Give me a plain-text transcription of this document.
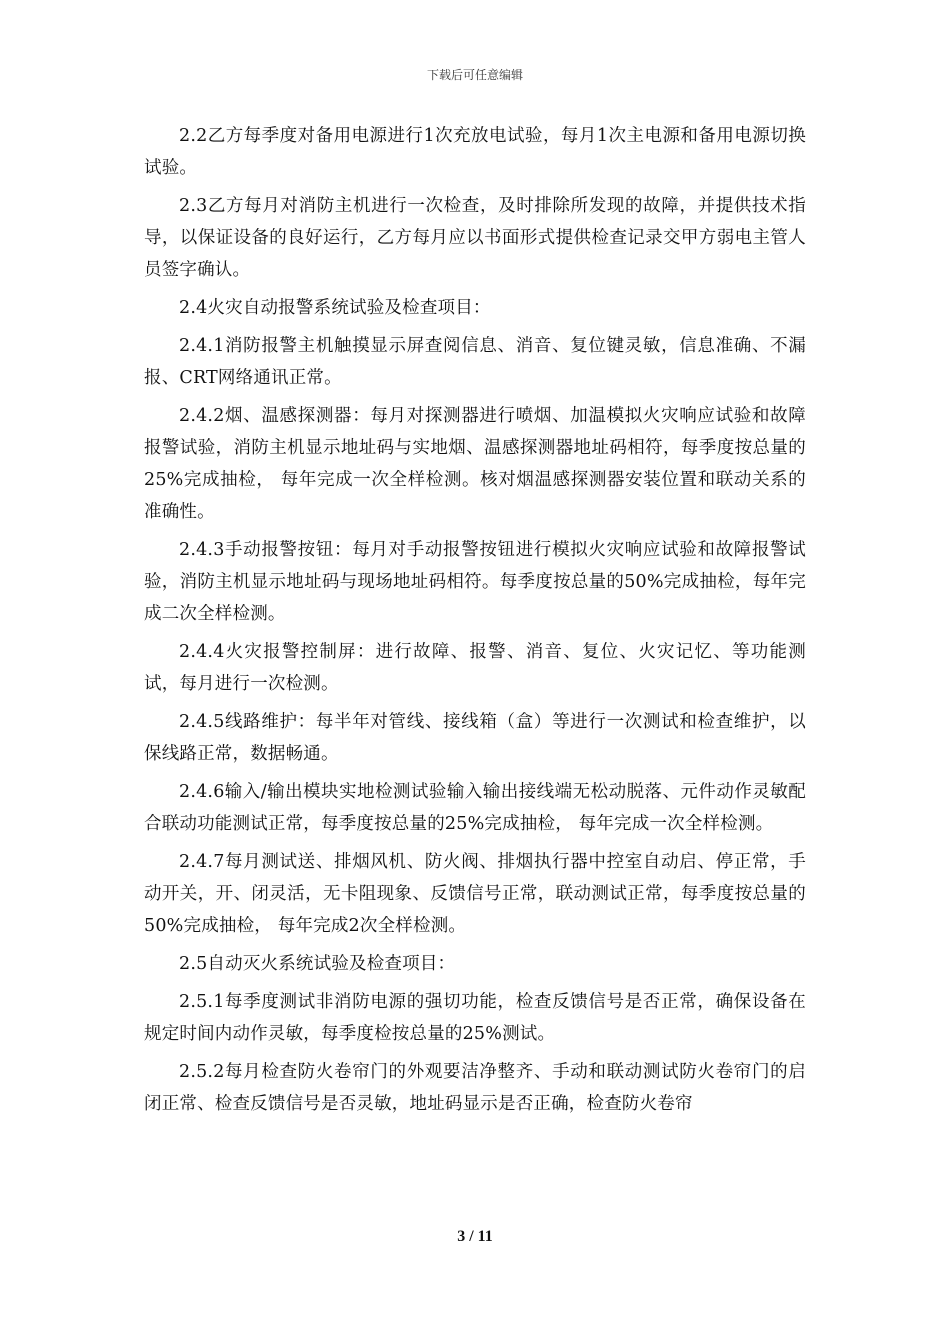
下载后可任意编辑

2.2乙方每季度对备用电源进行1次充放电试验，每月1次主电源和备用电源切换试验。

2.3乙方每月对消防主机进行一次检查，及时排除所发现的故障，并提供技术指导，以保证设备的良好运行，乙方每月应以书面形式提供检查记录交甲方弱电主管人员签字确认。

2.4火灾自动报警系统试验及检查项目：

2.4.1消防报警主机触摸显示屏查阅信息、消音、复位键灵敏，信息准确、不漏报、CRT网络通讯正常。

2.4.2烟、温感探测器：每月对探测器进行喷烟、加温模拟火灾响应试验和故障报警试验，消防主机显示地址码与实地烟、温感探测器地址码相符，每季度按总量的25%完成抽检， 每年完成一次全样检测。核对烟温感探测器安装位置和联动关系的准确性。

2.4.3手动报警按钮：每月对手动报警按钮进行模拟火灾响应试验和故障报警试验，消防主机显示地址码与现场地址码相符。每季度按总量的50%完成抽检，每年完成二次全样检测。

2.4.4火灾报警控制屏：进行故障、报警、消音、复位、火灾记忆、等功能测试，每月进行一次检测。

2.4.5线路维护：每半年对管线、接线箱（盒）等进行一次测试和检查维护，以保线路正常，数据畅通。

2.4.6输入/输出模块实地检测试验输入输出接线端无松动脱落、元件动作灵敏配合联动功能测试正常，每季度按总量的25%完成抽检， 每年完成一次全样检测。

2.4.7每月测试送、排烟风机、防火阀、排烟执行器中控室自动启、停正常，手动开关，开、闭灵活，无卡阻现象、反馈信号正常，联动测试正常，每季度按总量的50%完成抽检， 每年完成2次全样检测。

2.5自动灭火系统试验及检查项目：

2.5.1每季度测试非消防电源的强切功能，检查反馈信号是否正常，确保设备在规定时间内动作灵敏，每季度检按总量的25%测试。

2.5.2每月检查防火卷帘门的外观要洁净整齐、手动和联动测试防火卷帘门的启闭正常、检查反馈信号是否灵敏，地址码显示是否正确，检查防火卷帘

3 / 11
